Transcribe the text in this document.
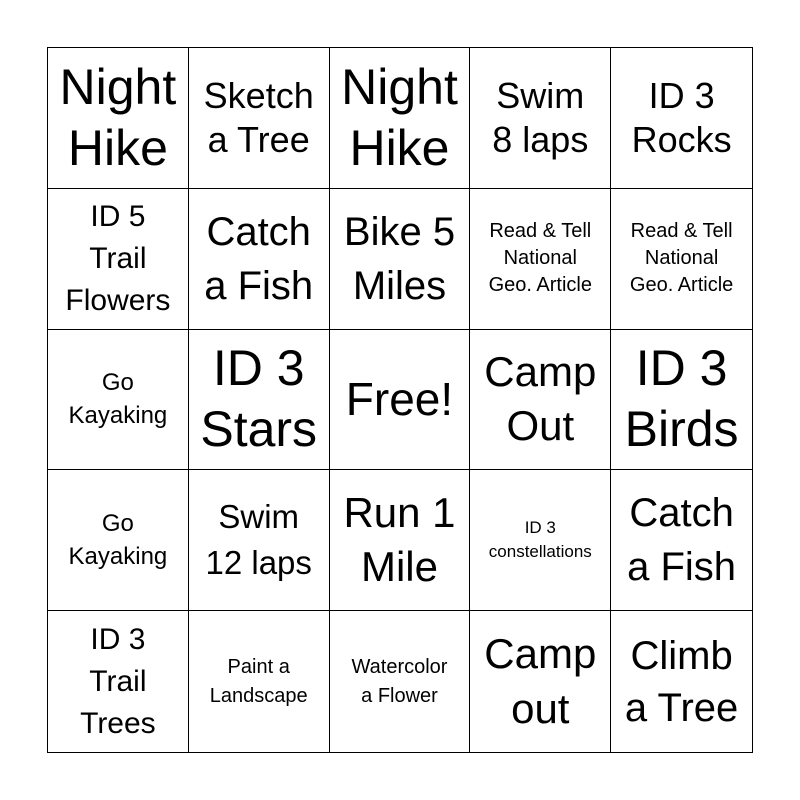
Night
Hike
Sketch
a Tree
Night
Hike
Swim
8 laps
ID 3
Rocks
ID 5
Trail
Flowers
Catch
a Fish
Bike 5
Miles
Read & Tell
National
Geo. Article
Read & Tell
National
Geo. Article
Go
Kayaking
ID 3
Stars
Free!
Camp
Out
ID 3
Birds
Go
Kayaking
Swim
12 laps
Run 1
Mile
ID 3
constellations
Catch
a Fish
ID 3
Trail
Trees
Paint a
Landscape
Watercolor
a Flower
Camp
out
Climb
a Tree
